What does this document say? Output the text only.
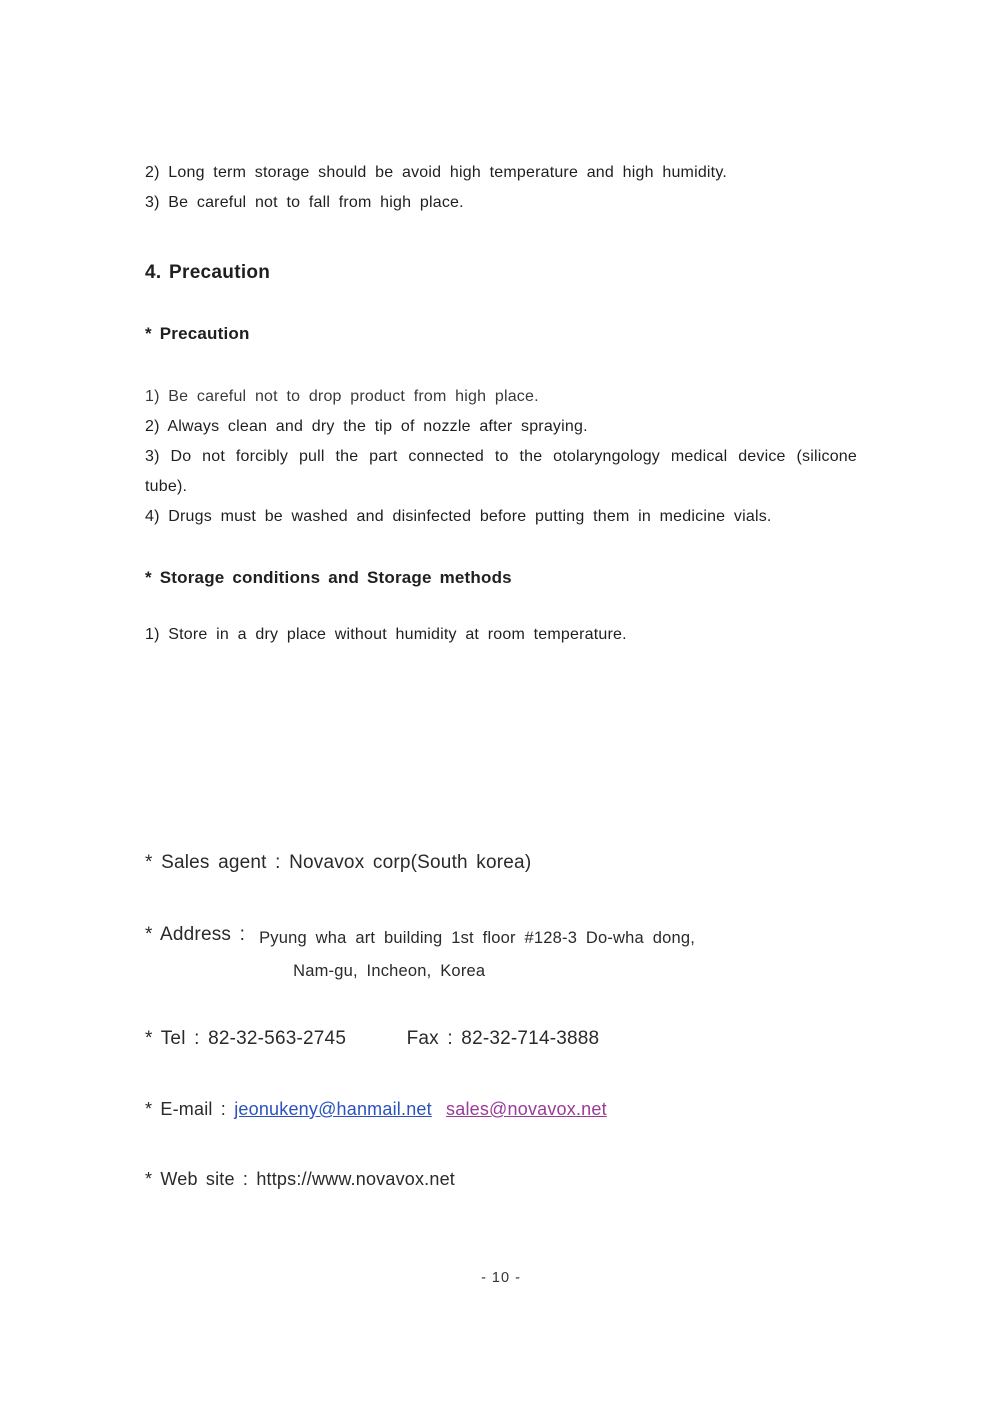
2) Long term storage should be avoid high temperature and high humidity.

3) Be careful not to fall from high place.

4. Precaution
* Precaution

1) Be careful not to drop product from high place.

2) Always clean and dry the tip of nozzle after spraying.

3) Do not forcibly pull the part connected to the otolaryngology medical device (silicone tube).

4) Drugs must be washed and disinfected before putting them in medicine vials.

* Storage conditions and Storage methods

1) Store in a dry place without humidity at room temperature.

* Sales agent : Novavox corp(South korea)

* Address : Pyung wha art building 1st floor #128-3 Do-wha dong,
Nam-gu, Incheon, Korea

* Tel : 82-32-563-2745	Fax : 82-32-714-3888

* E-mail : jeonukeny@hanmail.net sales@novavox.net

* Web site : https://www.novavox.net

- 10 -
